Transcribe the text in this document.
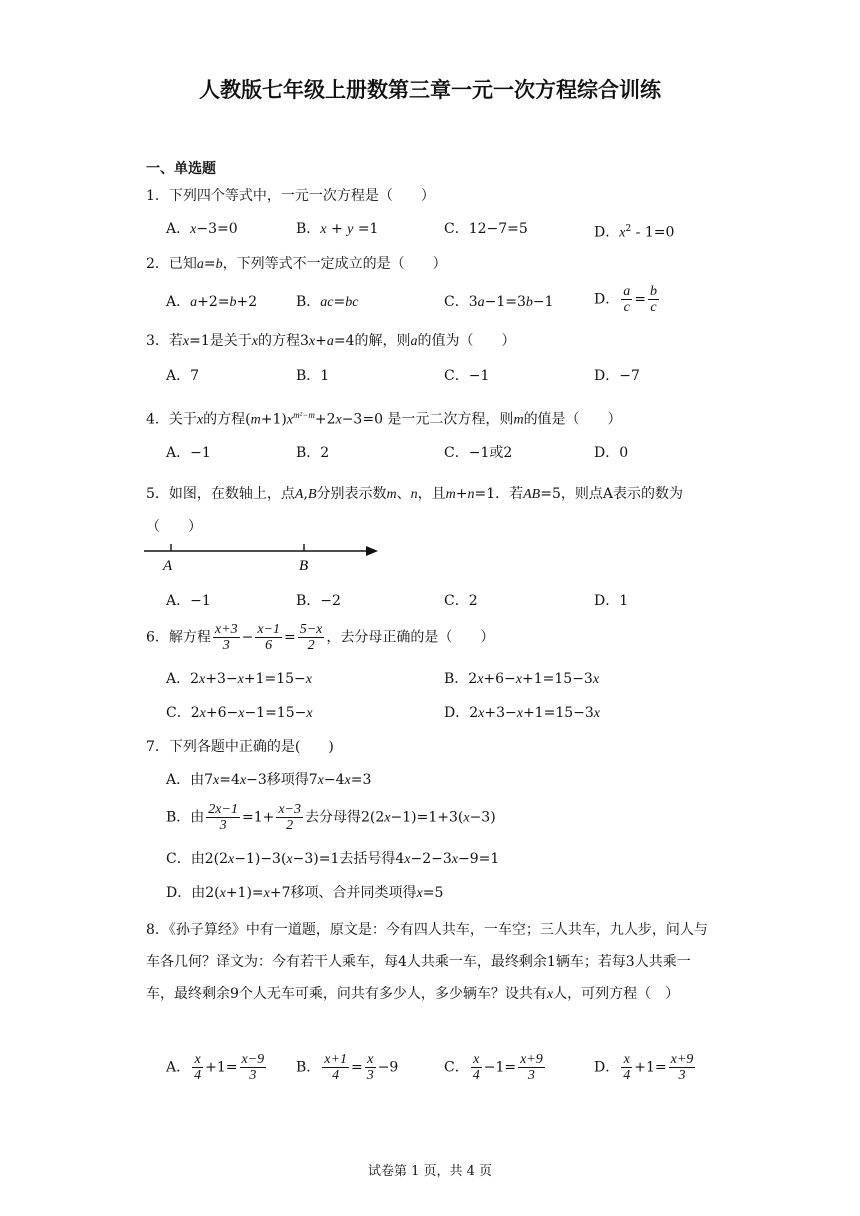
人教版七年级上册数第三章一元一次方程综合训练
一、单选题
1．下列四个等式中，一元一次方程是（　　）
A．x−3=0	B．x + y =1	C．12−7=5	D．$x^2 - 1=0$
2．已知a=b，下列等式不一定成立的是（　　）
A．a+2=b+2	B．ac=bc	C．3a−1=3b−1	D． $\frac{a}{c} = \frac{b}{c}$
3．若x=1是关于x的方程3x+a=4的解，则a的值为（　　）
A．7	B．1	C．−1	D．−7
4．关于x的方程$(m+1)x^{m^2-m}+2x-3=0$ 是一元二次方程，则m的值是（　　）
A．−1	B．2	C．−1或2	D．0
5．如图，在数轴上，点A,B分别表示数m、n，且m+n=1．若AB=5，则点A表示的数为（　　）
A	B
A．−1	B．−2	C．2	D．1
6．解方程 $\frac{x+3}{3} - \frac{x-1}{6} = \frac{5-x}{2}$ ，去分母正确的是（　　）
A．2x+3−x+1=15−x	B．2x+6−x+1=15−3x
C．2x+6−x−1=15−x	D．2x+3−x+1=15−3x
7．下列各题中正确的是(　　)
A．由7x=4x−3移项得7x−4x=3
B．由 $\frac{2x-1}{3} =1+ \frac{x-3}{2}$ 去分母得2(2x−1)=1+3(x−3)
C．由2(2x−1)−3(x−3)=1去括号得4x−2−3x−9=1
D．由2(x+1)=x+7移项、合并同类项得x=5
8．《孙子算经》中有一道题，原文是：今有四人共车，一车空；三人共车，九人步，问人与车各几何？译文为：今有若干人乘车，每4人共乘一车，最终剩余1辆车；若每3人共乘一车，最终剩余9个人无车可乘，问共有多少人，多少辆车？设共有x人，可列方程（　）
A． $\frac{x}{4} +1= \frac{x-9}{3}$ B． $\frac{x+1}{4} = \frac{x}{3} -9$	C． $\frac{x}{4} -1= \frac{x+9}{3}$	D． $\frac{x}{4} +1= \frac{x+9}{3}$
试卷第 1 页，共 4 页
